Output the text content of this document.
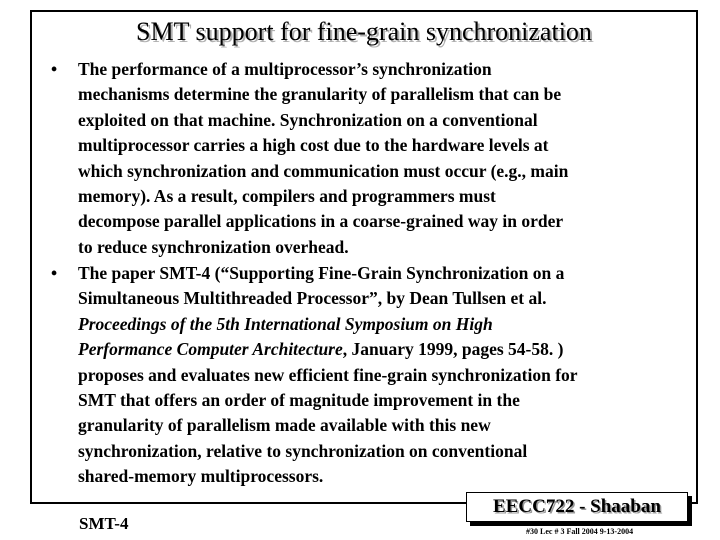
SMT support for fine-grain synchronization
• The performance of a multiprocessor’s synchronization
mechanisms determine the granularity of parallelism that can be
exploited on that machine. Synchronization on a conventional
multiprocessor carries a high cost due to the hardware levels at
which synchronization and communication must occur (e.g., main
memory). As a result, compilers and programmers must
decompose parallel applications in a coarse-grained way in order
to reduce synchronization overhead.
• The paper SMT-4 (“Supporting Fine-Grain Synchronization on a
Simultaneous Multithreaded Processor”, by Dean Tullsen et al.
Proceedings of the 5th International Symposium on High
Performance Computer Architecture, January 1999, pages 54-58. )
proposes and evaluates new efficient fine-grain synchronization for
SMT that offers an order of magnitude improvement in the
granularity of parallelism made available with this new
synchronization, relative to synchronization on conventional
shared-memory multiprocessors.
SMT-4
EECC722 - Shaaban
#30 Lec # 3 Fall 2004 9-13-2004
